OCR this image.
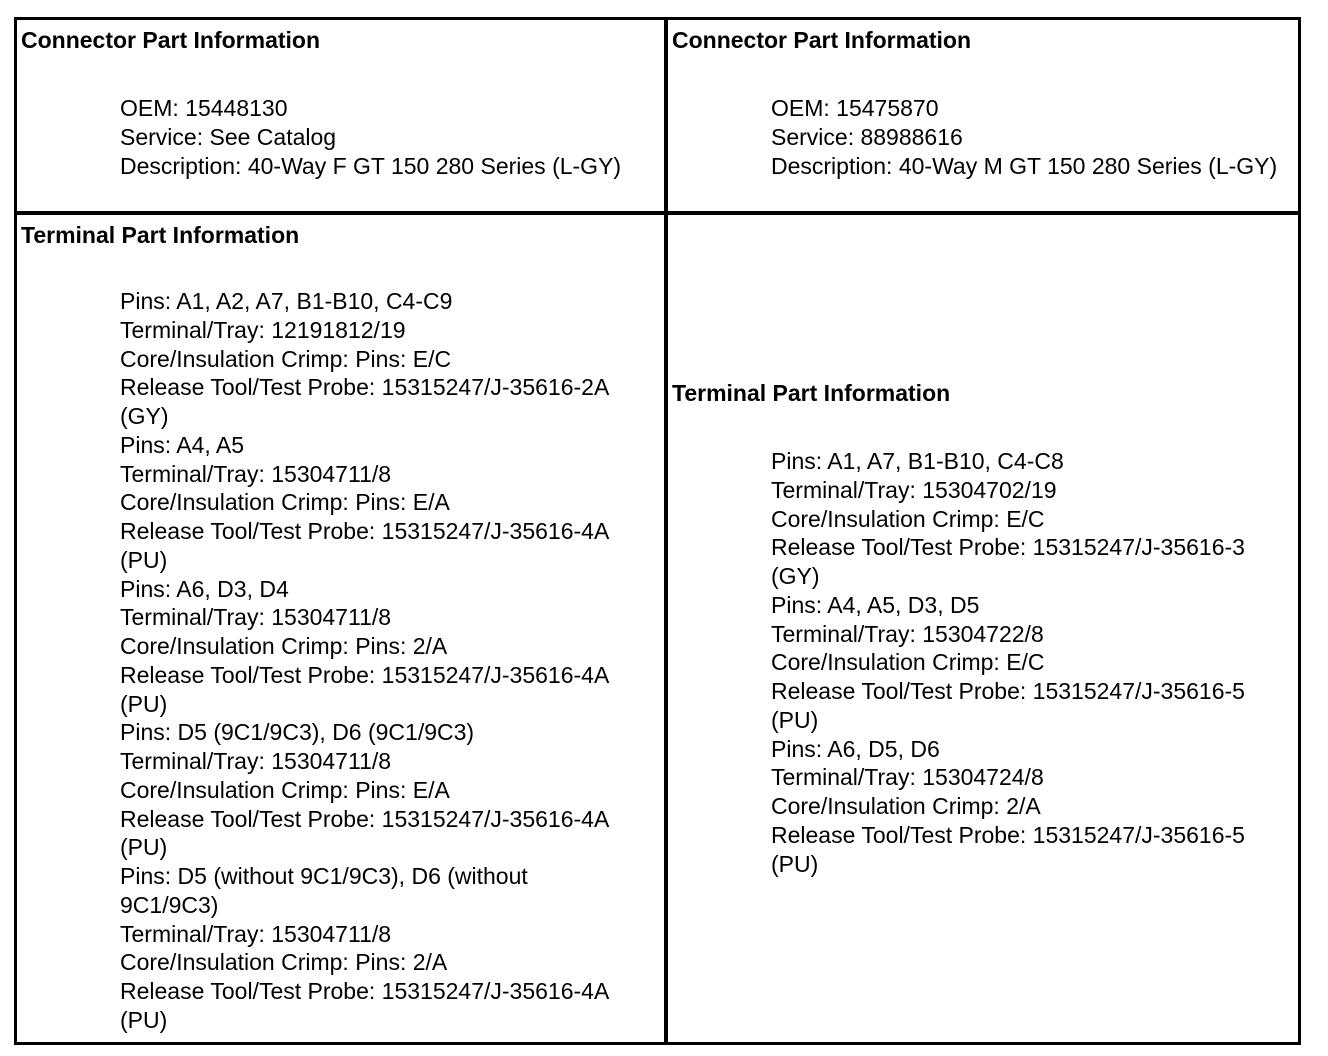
Connector Part Information
OEM: 15448130
Service: See Catalog
Description: 40-Way F GT 150 280 Series (L-GY)
Connector Part Information
OEM: 15475870
Service: 88988616
Description: 40-Way M GT 150 280 Series (L-GY)
Terminal Part Information
Pins: A1, A2, A7, B1-B10, C4-C9
Terminal/Tray: 12191812/19
Core/Insulation Crimp: Pins: E/C
Release Tool/Test Probe: 15315247/J-35616-2A (GY)
Pins: A4, A5
Terminal/Tray: 15304711/8
Core/Insulation Crimp: Pins: E/A
Release Tool/Test Probe: 15315247/J-35616-4A (PU)
Pins: A6, D3, D4
Terminal/Tray: 15304711/8
Core/Insulation Crimp: Pins: 2/A
Release Tool/Test Probe: 15315247/J-35616-4A (PU)
Pins: D5 (9C1/9C3), D6 (9C1/9C3)
Terminal/Tray: 15304711/8
Core/Insulation Crimp: Pins: E/A
Release Tool/Test Probe: 15315247/J-35616-4A (PU)
Pins: D5 (without 9C1/9C3), D6 (without 9C1/9C3)
Terminal/Tray: 15304711/8
Core/Insulation Crimp: Pins: 2/A
Release Tool/Test Probe: 15315247/J-35616-4A (PU)
Terminal Part Information
Pins: A1, A7, B1-B10, C4-C8
Terminal/Tray: 15304702/19
Core/Insulation Crimp: E/C
Release Tool/Test Probe: 15315247/J-35616-3 (GY)
Pins: A4, A5, D3, D5
Terminal/Tray: 15304722/8
Core/Insulation Crimp: E/C
Release Tool/Test Probe: 15315247/J-35616-5 (PU)
Pins: A6, D5, D6
Terminal/Tray: 15304724/8
Core/Insulation Crimp: 2/A
Release Tool/Test Probe: 15315247/J-35616-5 (PU)
